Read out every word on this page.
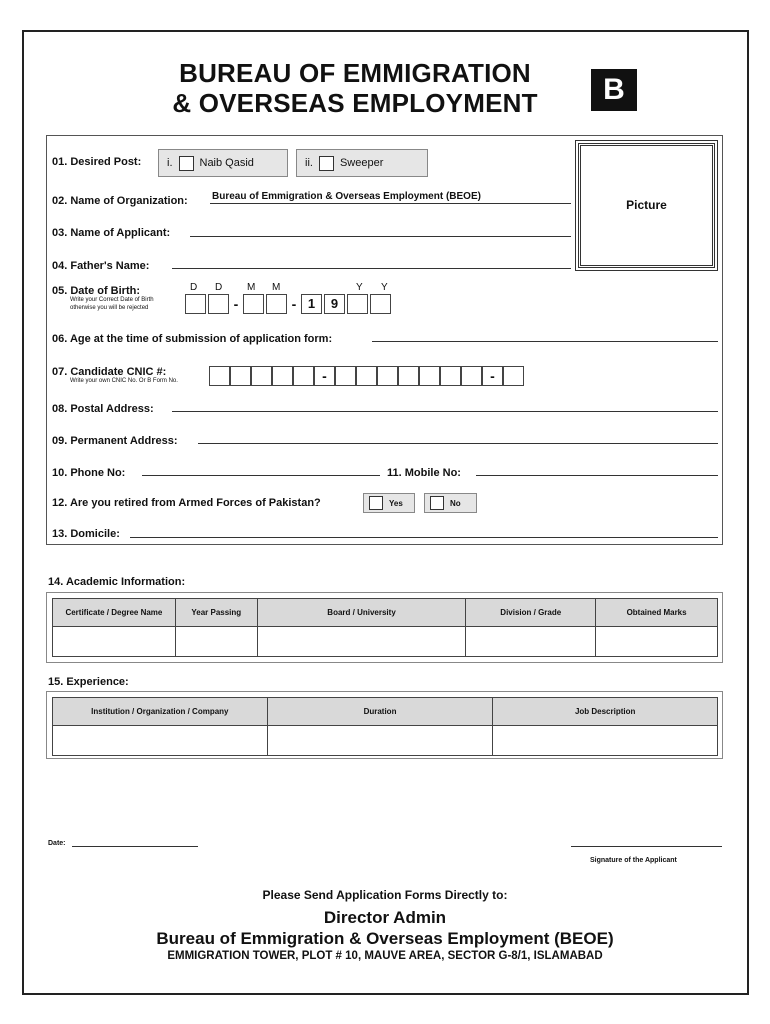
BUREAU OF EMMIGRATION
& OVERSEAS EMPLOYMENT	B
Picture
01. Desired Post: i. Naib Qasid	ii. Sweeper
02. Name of Organization: Bureau of Emmigration & Overseas Employment (BEOE)
03. Name of Applicant:
04. Father's Name:
05. Date of Birth:
Write your Correct Date of Birth
otherwise you will be rejected
D D M M	Y Y
-	- 1	9
06. Age at the time of submission of application form:
07. Candidate CNIC #:
Write your own CNIC No. Or B Form No.	-	-
08. Postal Address:
09. Permanent Address:
10. Phone No:	11. Mobile No:
12. Are you retired from Armed Forces of Pakistan?	Yes	No
13. Domicile:
14. Academic Information:
Certificate / Degree Name	Year Passing	Board / University	Division / Grade	Obtained Marks

15. Experience:
Institution / Organization / Company	Duration	Job Description

Date:
Signature of the Applicant
Please Send Application Forms Directly to:
Director Admin
Bureau of Emmigration & Overseas Employment (BEOE)
EMMIGRATION TOWER, PLOT # 10, MAUVE AREA, SECTOR G-8/1, ISLAMABAD
